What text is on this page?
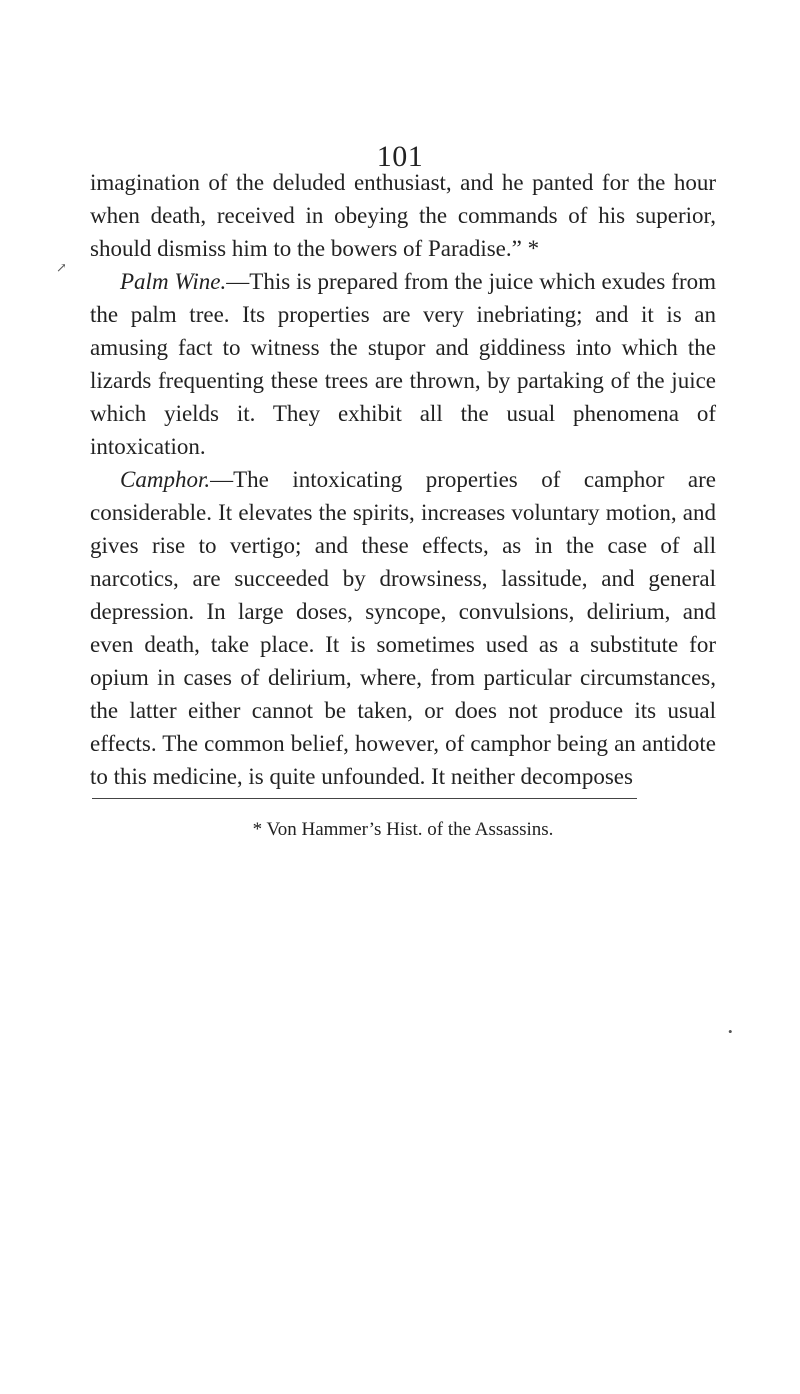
101

imagination of the deluded enthusiast, and he panted for the hour when death, received in obeying the commands of his superior, should dismiss him to the bowers of Paradise.” *

Palm Wine.—This is prepared from the juice which exudes from the palm tree. Its properties are very inebriating; and it is an amusing fact to witness the stupor and giddiness into which the lizards frequenting these trees are thrown, by partaking of the juice which yields it. They exhibit all the usual phenomena of intoxication.

Camphor.—The intoxicating properties of camphor are considerable. It elevates the spirits, increases voluntary motion, and gives rise to vertigo; and these effects, as in the case of all narcotics, are succeeded by drowsiness, lassitude, and general depression. In large doses, syncope, convulsions, delirium, and even death, take place. It is sometimes used as a substitute for opium in cases of delirium, where, from particular circumstances, the latter either cannot be taken, or does not produce its usual effects. The common belief, however, of camphor being an antidote to this medicine, is quite unfounded. It neither decomposes

* Von Hammer’s Hist. of the Assassins.
↗
•
